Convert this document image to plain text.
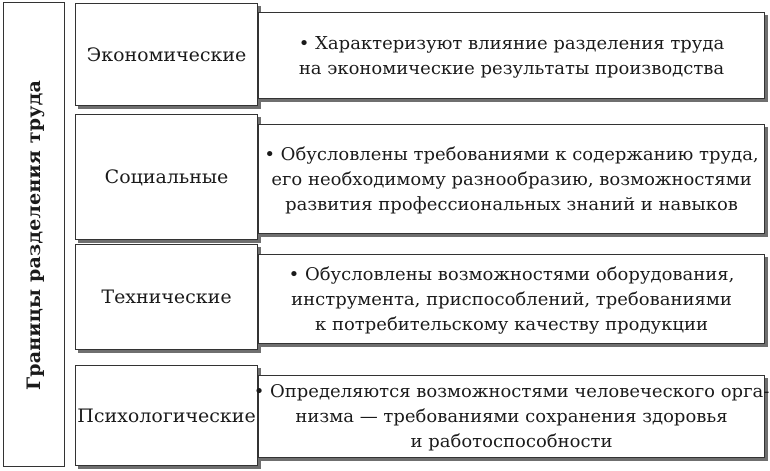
Границы разделения труда
Экономические
• Характеризуют влияние разделения труда
на экономические результаты производства
Социальные
• Обусловлены требованиями к содержанию труда,
его необходимому разнообразию, возможностями
развития профессиональных знаний и навыков
Технические
• Обусловлены возможностями оборудования,
инструмента, приспособлений, требованиями
к потребительскому качеству продукции
Психологические
• Определяются возможностями человеческого орга-
низма — требованиями сохранения здоровья
и работоспособности
